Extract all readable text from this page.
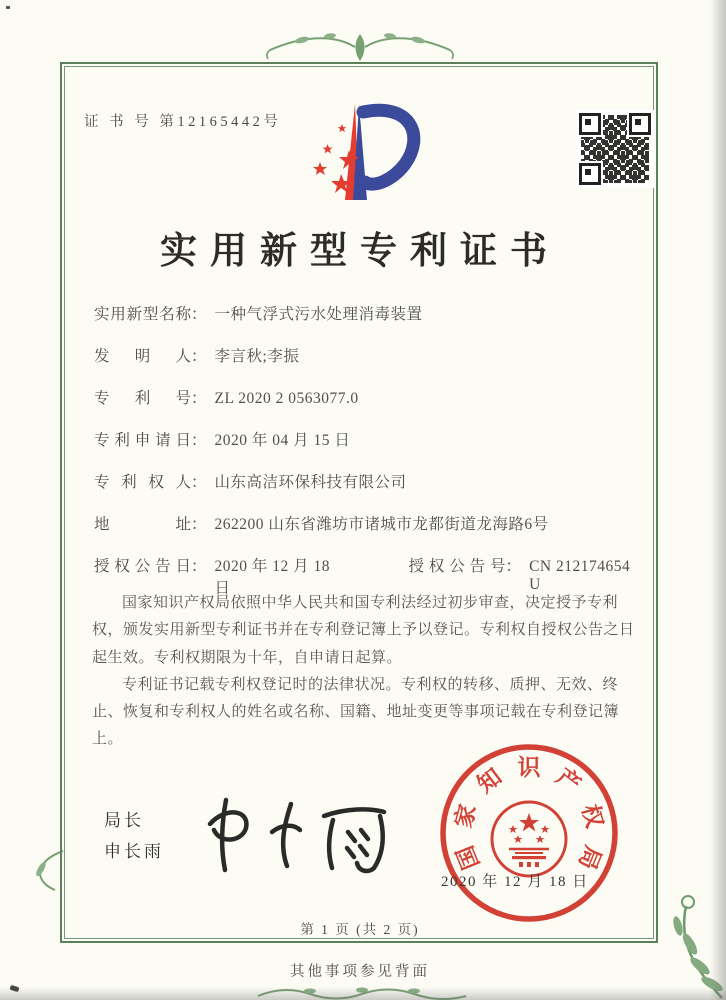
证 书 号 第12165442号
实用新型专利证书
实用新型名称 ： 一种气浮式污水处理消毒装置
发明人 ： 李言秋;李振
专利号 ： ZL 2020 2 0563077.0
专利申请日 ： 2020 年 04 月 15 日
专利权人 ： 山东高洁环保科技有限公司
地址 ： 262200 山东省潍坊市诸城市龙都街道龙海路6号
授权公告日 ： 2020 年 12 月 18 日
授权公告号 ： CN 212174654 U

国家知识产权局依照中华人民共和国专利法经过初步审查，决定授予专利权，颁发实用新型专利证书并在专利登记簿上予以登记。专利权自授权公告之日起生效。专利权期限为十年，自申请日起算。

专利证书记载专利权登记时的法律状况。专利权的转移、质押、无效、终止、恢复和专利权人的姓名或名称、国籍、地址变更等事项记载在专利登记簿上。

局长
申长雨	国
家
知 识 产
权
局
2020 年 12 月 18 日
第 1 页 (共 2 页)
其他事项参见背面
